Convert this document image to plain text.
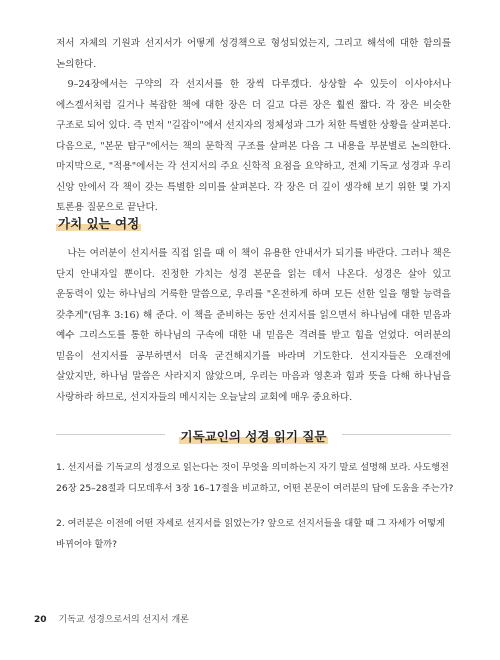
저서 자체의 기원과 선지서가 어떻게 성경책으로 형성되었는지, 그리고 해석에 대한 함의를 논의한다.

9–24장에서는 구약의 각 선지서를 한 장씩 다루겠다. 상상할 수 있듯이 이사야서나 에스겔서처럼 길거나 복잡한 책에 대한 장은 더 길고 다른 장은 훨씬 짧다. 각 장은 비슷한 구조로 되어 있다. 즉 먼저 "길잡이"에서 선지자의 정체성과 그가 처한 특별한 상황을 살펴본다. 다음으로, "본문 탐구"에서는 책의 문학적 구조를 살펴본 다음 그 내용을 부분별로 논의한다. 마지막으로, "적용"에서는 각 선지서의 주요 신학적 요점을 요약하고, 전체 기독교 성경과 우리 신앙 안에서 각 책이 갖는 특별한 의미를 살펴본다. 각 장은 더 깊이 생각해 보기 위한 몇 가지 토론용 질문으로 끝난다.

가치 있는 여정

나는 여러분이 선지서를 직접 읽을 때 이 책이 유용한 안내서가 되기를 바란다. 그러나 책은 단지 안내자일 뿐이다. 진정한 가치는 성경 본문을 읽는 데서 나온다. 성경은 살아 있고 운동력이 있는 하나님의 거룩한 말씀으로, 우리를 "온전하게 하며 모든 선한 일을 행할 능력을 갖추게"(딤후 3:16) 해 준다. 이 책을 준비하는 동안 선지서를 읽으면서 하나님에 대한 믿음과 예수 그리스도를 통한 하나님의 구속에 대한 내 믿음은 격려를 받고 힘을 얻었다. 여러분의 믿음이 선지서를 공부하면서 더욱 굳건해지기를 바라며 기도한다. 선지자들은 오래전에 살았지만, 하나님 말씀은 사라지지 않았으며, 우리는 마음과 영혼과 힘과 뜻을 다해 하나님을 사랑하라 하므로, 선지자들의 메시지는 오늘날의 교회에 매우 중요하다.

기독교인의 성경 읽기 질문

1. 선지서를 기독교의 성경으로 읽는다는 것이 무엇을 의미하는지 자기 말로 설명해 보라. 사도행전 26장 25–28절과 디모데후서 3장 16–17절을 비교하고, 어떤 본문이 여러분의 답에 도움을 주는가?

2. 여러분은 이전에 어떤 자세로 선지서를 읽었는가? 앞으로 선지서들을 대할 때 그 자세가 어떻게 바뀌어야 할까?

20 기독교 성경으로서의 선지서 개론
